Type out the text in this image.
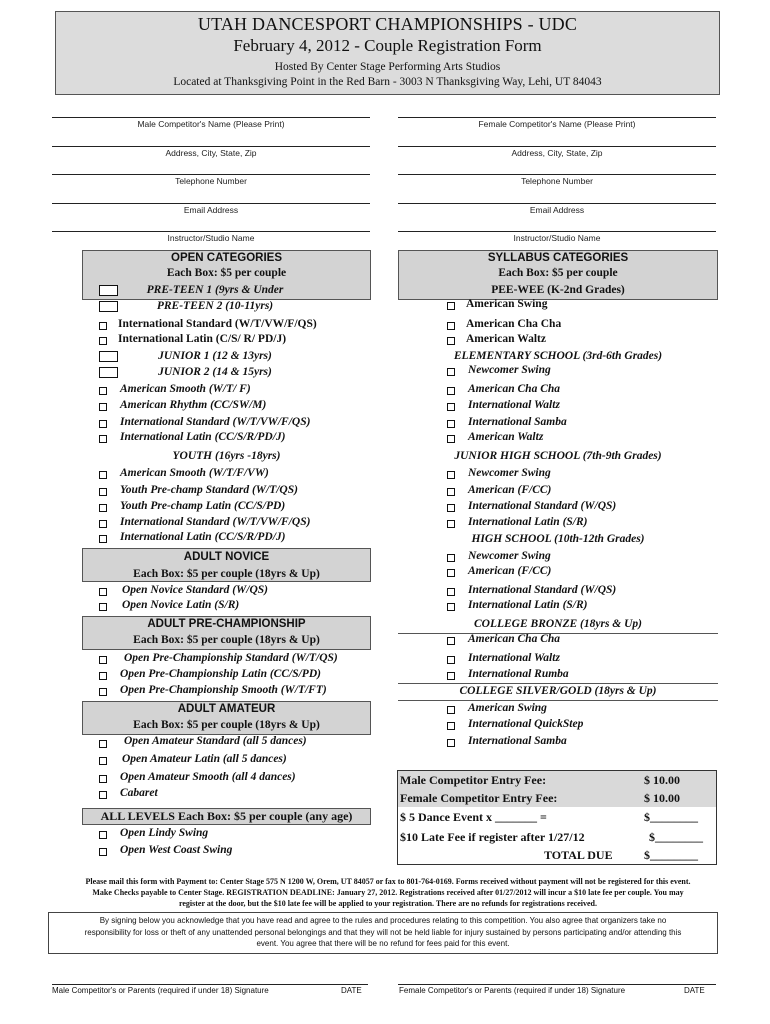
UTAH DANCESPORT CHAMPIONSHIPS - UDC
February 4, 2012 - Couple Registration Form
Hosted By Center Stage Performing Arts Studios
Located at Thanksgiving Point in the Red Barn - 3003 N Thanksgiving Way, Lehi, UT 84043
Male Competitor's Name (Please Print)	Female Competitor's Name (Please Print)
Address, City, State, Zip	Address, City, State, Zip
Telephone Number	Telephone Number
Email Address	Email Address
Instructor/Studio Name	Instructor/Studio Name
OPEN CATEGORIES
Each Box: $5 per couple
PRE-TEEN 1 (9yrs & Under
PRE-TEEN 2 (10-11yrs)
International Standard (W/T/VW/F/QS)
International Latin (C/S/ R/ PD/J)
JUNIOR 1 (12 & 13yrs)
JUNIOR 2 (14 & 15yrs)
American Smooth (W/T/ F)
American Rhythm (CC/SW/M)
International Standard (W/T/VW/F/QS)
International Latin (CC/S/R/PD/J)
YOUTH (16yrs -18yrs)
American Smooth (W/T/F/VW)
Youth Pre-champ Standard (W/T/QS)
Youth Pre-champ Latin (CC/S/PD)
International Standard (W/T/VW/F/QS)
International Latin (CC/S/R/PD/J)
ADULT NOVICE
Each Box: $5 per couple (18yrs & Up)
Open Novice Standard (W/QS)
Open Novice Latin (S/R)
ADULT PRE-CHAMPIONSHIP
Each Box: $5 per couple (18yrs & Up)
Open Pre-Championship Standard (W/T/QS)
Open Pre-Championship Latin (CC/S/PD)
Open Pre-Championship Smooth (W/T/FT)
ADULT AMATEUR
Each Box: $5 per couple (18yrs & Up)
Open Amateur Standard (all 5 dances)
Open Amateur Latin (all 5 dances)
Open Amateur Smooth (all 4 dances)
Cabaret
ALL LEVELS Each Box: $5 per couple (any age)
Open Lindy Swing
Open West Coast Swing
SYLLABUS CATEGORIES
Each Box: $5 per couple
PEE-WEE (K-2nd Grades)
American Swing
American Cha Cha
American Waltz
ELEMENTARY SCHOOL (3rd-6th Grades)
Newcomer Swing
American Cha Cha
International Waltz
International Samba
American Waltz
JUNIOR HIGH SCHOOL (7th-9th Grades)
Newcomer Swing
American (F/CC)
International Standard (W/QS)
International Latin (S/R)
HIGH SCHOOL (10th-12th Grades)
Newcomer Swing
American (F/CC)
International Standard (W/QS)
International Latin (S/R)
COLLEGE BRONZE (18yrs & Up)
American Cha Cha
International Waltz
International Rumba
COLLEGE SILVER/GOLD (18yrs & Up)
American Swing
International QuickStep
International Samba
Male Competitor Entry Fee:	$ 10.00
Female Competitor Entry Fee:	$ 10.00
$ 5 Dance Event x _______ =	$________
$10 Late Fee if register after 1/27/12	$________
TOTAL DUE	$________
Please mail this form with Payment to: Center Stage 575 N 1200 W, Orem, UT 84057 or fax to 801-764-0169. Forms received without payment will not be registered for this event.
Make Checks payable to Center Stage. REGISTRATION DEADLINE: January 27, 2012. Registrations received after 01/27/2012 will incur a $10 late fee per couple. You may
register at the door, but the $10 late fee will be applied to your registration. There are no refunds for registrations received.
By signing below you acknowledge that you have read and agree to the rules and procedures relating to this competition. You also agree that organizers take no
responsibility for loss or theft of any unattended personal belongings and that they will not be held liable for injury sustained by persons participating and/or attending this
event. You agree that there will be no refund for fees paid for this event.
Male Competitor's or Parents (required if under 18) Signature	DATE	Female Competitor's or Parents (required if under 18) Signature	DATE
